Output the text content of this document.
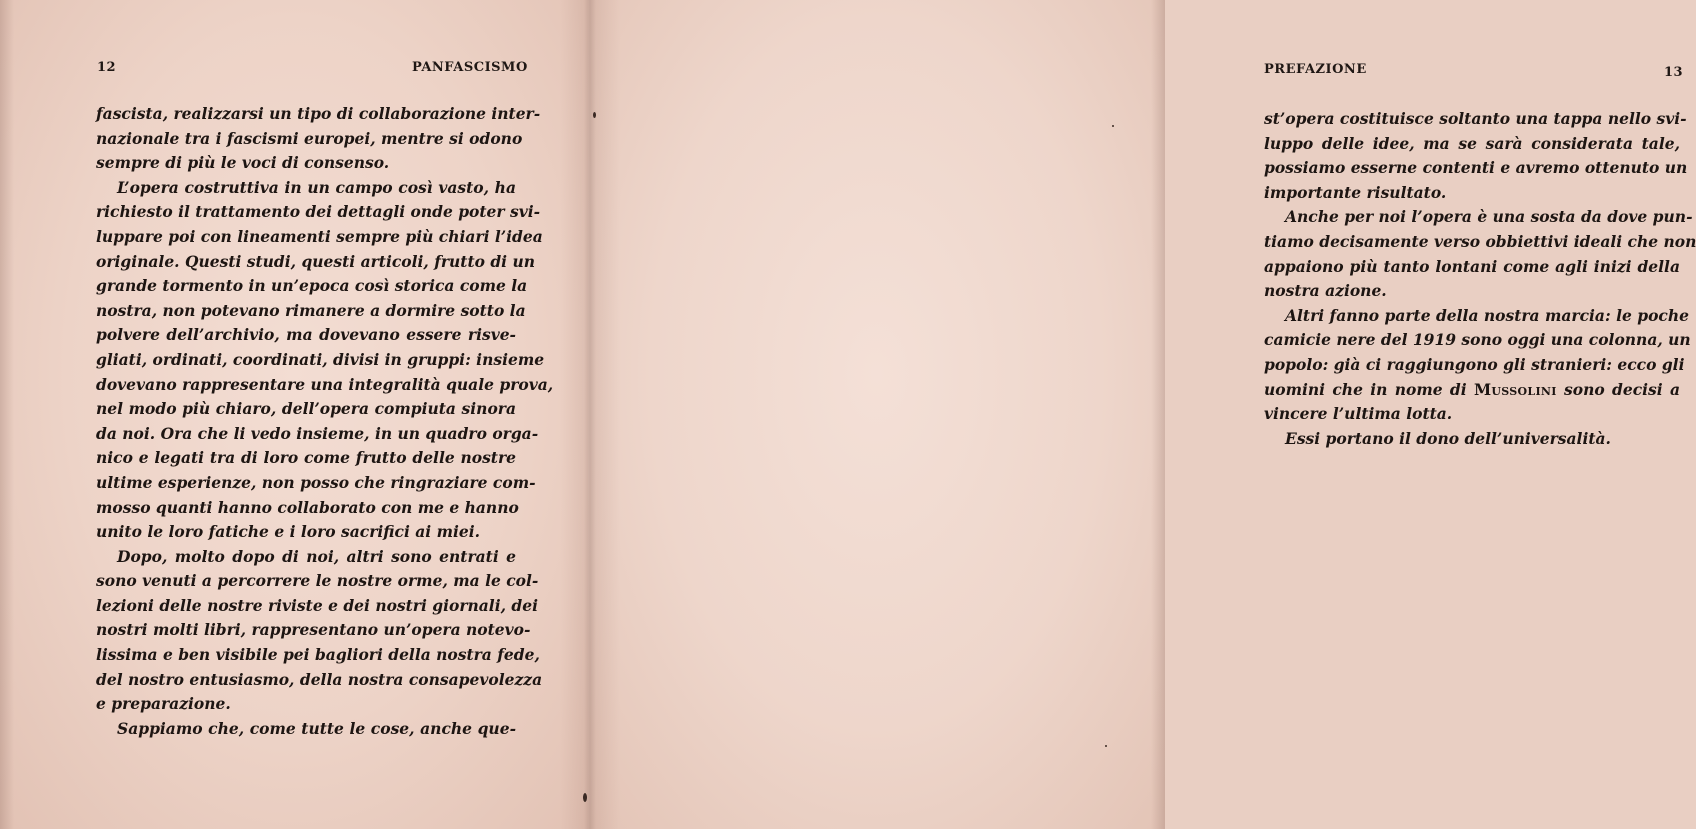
12	PANFASCISMO
fascista, realizzarsi un tipo di collaborazione inter-
nazionale tra i fascismi europei, mentre si odono
sempre di più le voci di consenso.
L’opera costruttiva in un campo così vasto, ha
richiesto il trattamento dei dettagli onde poter svi-
luppare poi con lineamenti sempre più chiari l’idea
originale. Questi studi, questi articoli, frutto di un
grande tormento in un’epoca così storica come la
nostra, non potevano rimanere a dormire sotto la
polvere dell’archivio, ma dovevano essere risve-
gliati, ordinati, coordinati, divisi in gruppi: insieme
dovevano rappresentare una integralità quale prova,
nel modo più chiaro, dell’opera compiuta sinora
da noi. Ora che li vedo insieme, in un quadro orga-
nico e legati tra di loro come frutto delle nostre
ultime esperienze, non posso che ringraziare com-
mosso quanti hanno collaborato con me e hanno
unito le loro fatiche e i loro sacrifici ai miei.
Dopo, molto dopo di noi, altri sono entrati e
sono venuti a percorrere le nostre orme, ma le col-
lezioni delle nostre riviste e dei nostri giornali, dei
nostri molti libri, rappresentano un’opera notevo-
lissima e ben visibile pei bagliori della nostra fede,
del nostro entusiasmo, della nostra consapevolezza
e preparazione.
Sappiamo che, come tutte le cose, anche que-
PREFAZIONE	13
st’opera costituisce soltanto una tappa nello svi-
luppo delle idee, ma se sarà considerata tale,
possiamo esserne contenti e avremo ottenuto un
importante risultato.
Anche per noi l’opera è una sosta da dove pun-
tiamo decisamente verso obbiettivi ideali che non
appaiono più tanto lontani come agli inizi della
nostra azione.
Altri fanno parte della nostra marcia: le poche
camicie nere del 1919 sono oggi una colonna, un
popolo: già ci raggiungono gli stranieri: ecco gli
uomini che in nome di Mussolini sono decisi a
vincere l’ultima lotta.
Essi portano il dono dell’universalità.
